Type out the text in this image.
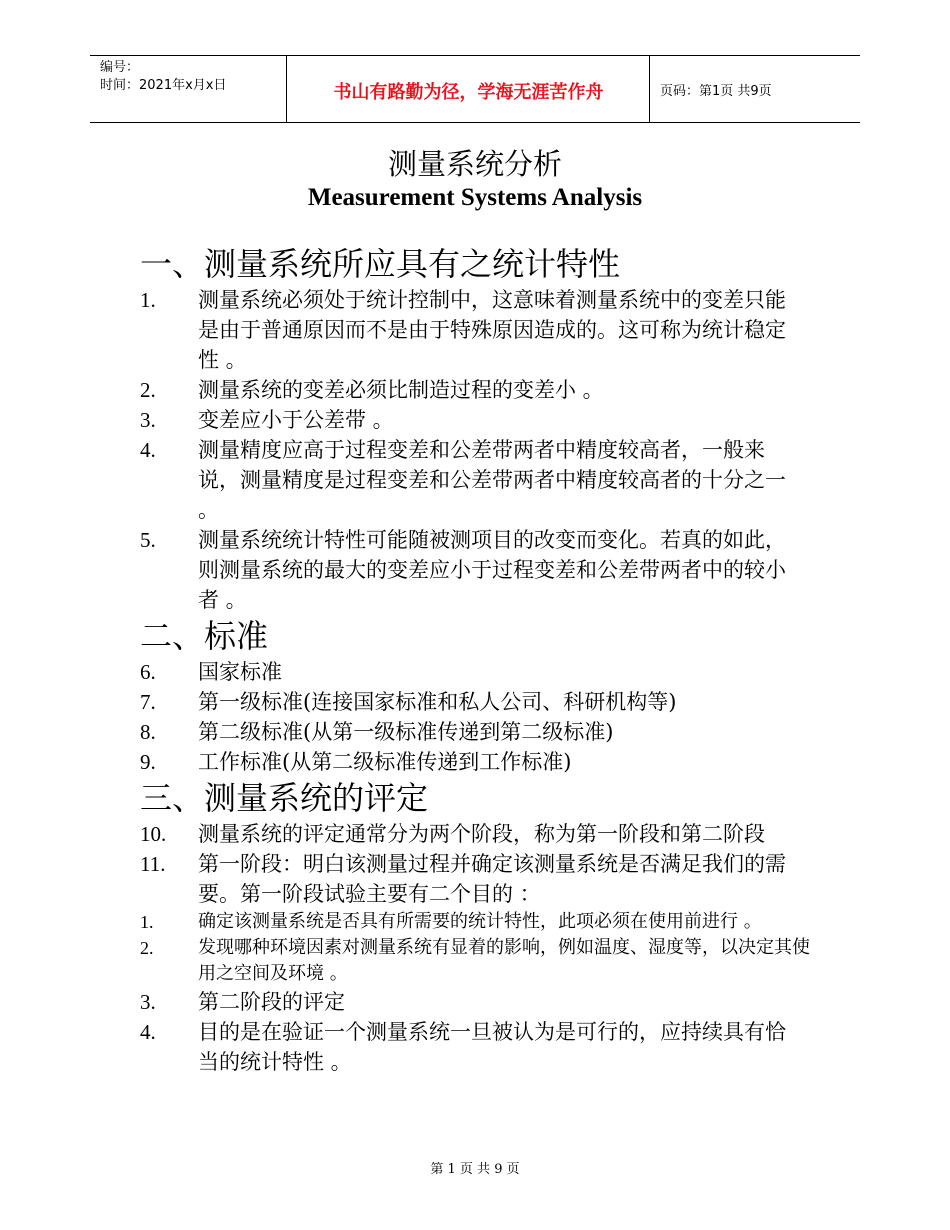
编号：
时间：2021年x月x日	书山有路勤为径，学海无涯苦作舟	页码：第1页 共9页
测量系统分析
Measurement Systems Analysis
一、测量系统所应具有之统计特性
1. 测量系统必须处于统计控制中，这意味着测量系统中的变差只能是由于普通原因而不是由于特殊原因造成的。这可称为统计稳定性 。
2. 测量系统的变差必须比制造过程的变差小 。
3. 变差应小于公差带 。
4. 测量精度应高于过程变差和公差带两者中精度较高者，一般来说，测量精度是过程变差和公差带两者中精度较高者的十分之一 。
5. 测量系统统计特性可能随被测项目的改变而变化。若真的如此，则测量系统的最大的变差应小于过程变差和公差带两者中的较小者 。
二、标准
6. 国家标准
7. 第一级标准(连接国家标准和私人公司、科研机构等)
8. 第二级标准(从第一级标准传递到第二级标准)
9. 工作标准(从第二级标准传递到工作标准)
三、测量系统的评定
10. 测量系统的评定通常分为两个阶段，称为第一阶段和第二阶段
11. 第一阶段：明白该测量过程并确定该测量系统是否满足我们的需要。第一阶段试验主要有二个目的 ：
1. 确定该测量系统是否具有所需要的统计特性，此项必须在使用前进行 。
2. 发现哪种环境因素对测量系统有显着的影响，例如温度、湿度等，以决定其使用之空间及环境 。
3. 第二阶段的评定
4. 目的是在验证一个测量系统一旦被认为是可行的，应持续具有恰当的统计特性 。
第 1 页 共 9 页
